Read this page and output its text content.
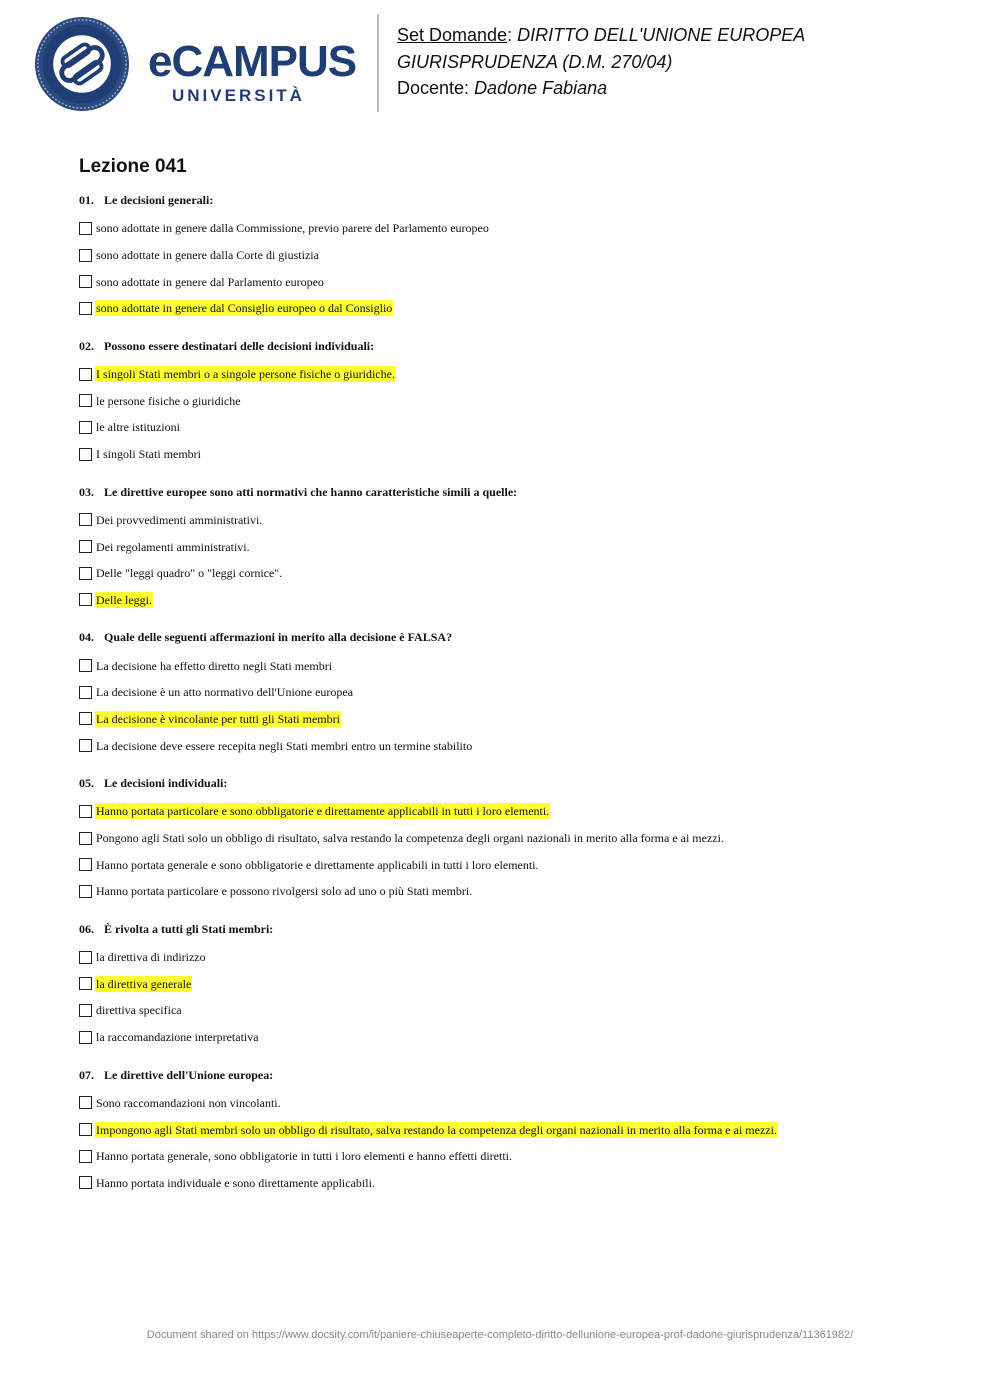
eCAMPUS
UNIVERSITÀ
Set Domande: DIRITTO DELL'UNIONE EUROPEA
GIURISPRUDENZA (D.M. 270/04)
Docente: Dadone Fabiana
Lezione 041
01. Le decisioni generali:
sono adottate in genere dalla Commissione, previo parere del Parlamento europeo
sono adottate in genere dalla Corte di giustizia
sono adottate in genere dal Parlamento europeo
sono adottate in genere dal Consiglio europeo o dal Consiglio
02. Possono essere destinatari delle decisioni individuali:
I singoli Stati membri o a singole persone fisiche o giuridiche.
le persone fisiche o giuridiche
le altre istituzioni
I singoli Stati membri
03. Le direttive europee sono atti normativi che hanno caratteristiche simili a quelle:
Dei provvedimenti amministrativi.
Dei regolamenti amministrativi.
Delle "leggi quadro" o "leggi cornice".
Delle leggi.
04. Quale delle seguenti affermazioni in merito alla decisione è FALSA?
La decisione ha effetto diretto negli Stati membri
La decisione è un atto normativo dell'Unione europea
La decisione è vincolante per tutti gli Stati membri
La decisione deve essere recepita negli Stati membri entro un termine stabilito
05. Le decisioni individuali:
Hanno portata particolare e sono obbligatorie e direttamente applicabili in tutti i loro elementi.
Pongono agli Stati solo un obbligo di risultato, salva restando la competenza degli organi nazionali in merito alla forma e ai mezzi.
Hanno portata generale e sono obbligatorie e direttamente applicabili in tutti i loro elementi.
Hanno portata particolare e possono rivolgersi solo ad uno o più Stati membri.
06. È rivolta a tutti gli Stati membri:
la direttiva di indirizzo
la direttiva generale
direttiva specifica
la raccomandazione interpretativa
07. Le direttive dell'Unione europea:
Sono raccomandazioni non vincolanti.
Impongono agli Stati membri solo un obbligo di risultato, salva restando la competenza degli organi nazionali in merito alla forma e ai mezzi.
Hanno portata generale, sono obbligatorie in tutti i loro elementi e hanno effetti diretti.
Hanno portata individuale e sono direttamente applicabili.
Document shared on https://www.docsity.com/it/paniere-chiuseaperte-completo-diritto-dellunione-europea-prof-dadone-giurisprudenza/11361982/
